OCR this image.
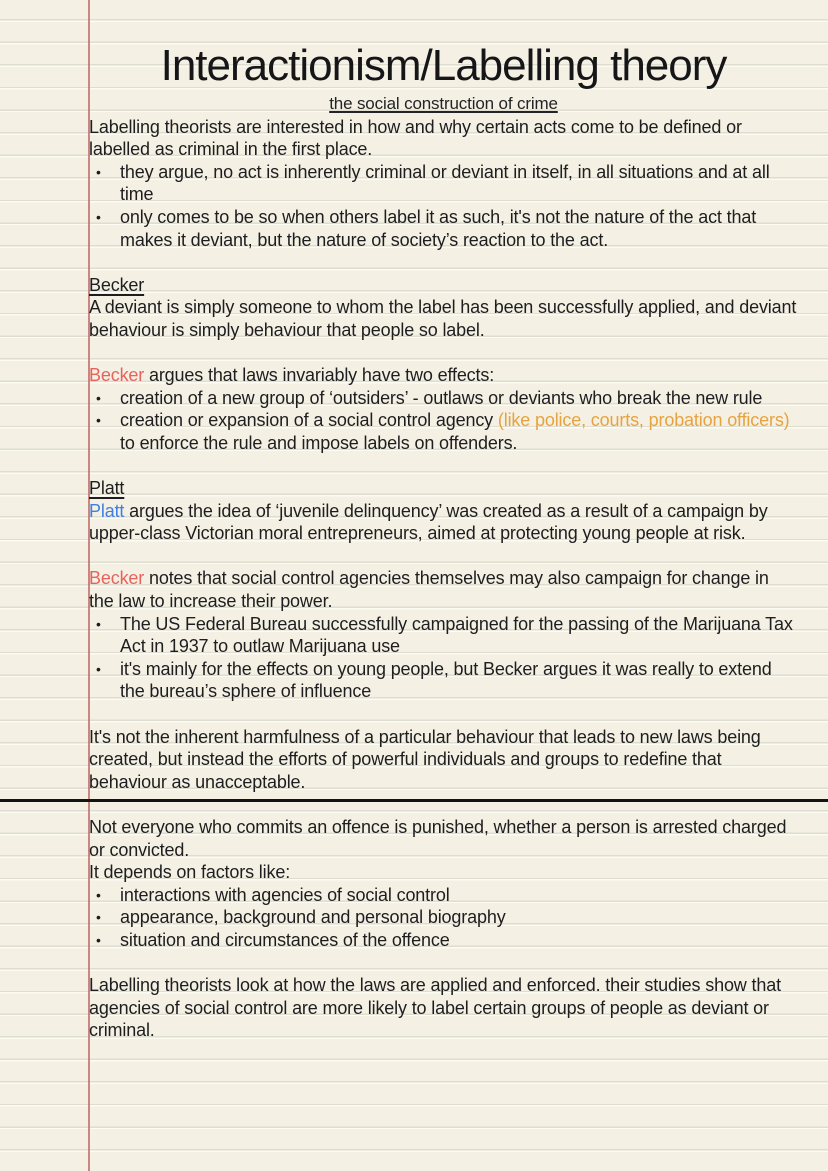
Interactionism/Labelling theory
the social construction of crime

Labelling theorists are interested in how and why certain acts come to be defined or labelled as criminal in the first place.

• they argue, no act is inherently criminal or deviant in itself, in all situations and at all time
• only comes to be so when others label it as such, it's not the nature of the act that makes it deviant, but the nature of society’s reaction to the act.

Becker

A deviant is simply someone to whom the label has been successfully applied, and deviant behaviour is simply behaviour that people so label.

Becker argues that laws invariably have two effects:

• creation of a new group of ‘outsiders’ - outlaws or deviants who break the new rule
• creation or expansion of a social control agency (like police, courts, probation officers) to enforce the rule and impose labels on offenders.

Platt

Platt argues the idea of ‘juvenile delinquency’ was created as a result of a campaign by upper-class Victorian moral entrepreneurs, aimed at protecting young people at risk.

Becker notes that social control agencies themselves may also campaign for change in the law to increase their power.

• The US Federal Bureau successfully campaigned for the passing of the Marijuana Tax Act in 1937 to outlaw Marijuana use
• it's mainly for the effects on young people, but Becker argues it was really to extend the bureau’s sphere of influence

It's not the inherent harmfulness of a particular behaviour that leads to new laws being created, but instead the efforts of powerful individuals and groups to redefine that behaviour as unacceptable.

Not everyone who commits an offence is punished, whether a person is arrested charged or convicted.

It depends on factors like:

• interactions with agencies of social control
• appearance, background and personal biography
• situation and circumstances of the offence

Labelling theorists look at how the laws are applied and enforced. their studies show that agencies of social control are more likely to label certain groups of people as deviant or criminal.
